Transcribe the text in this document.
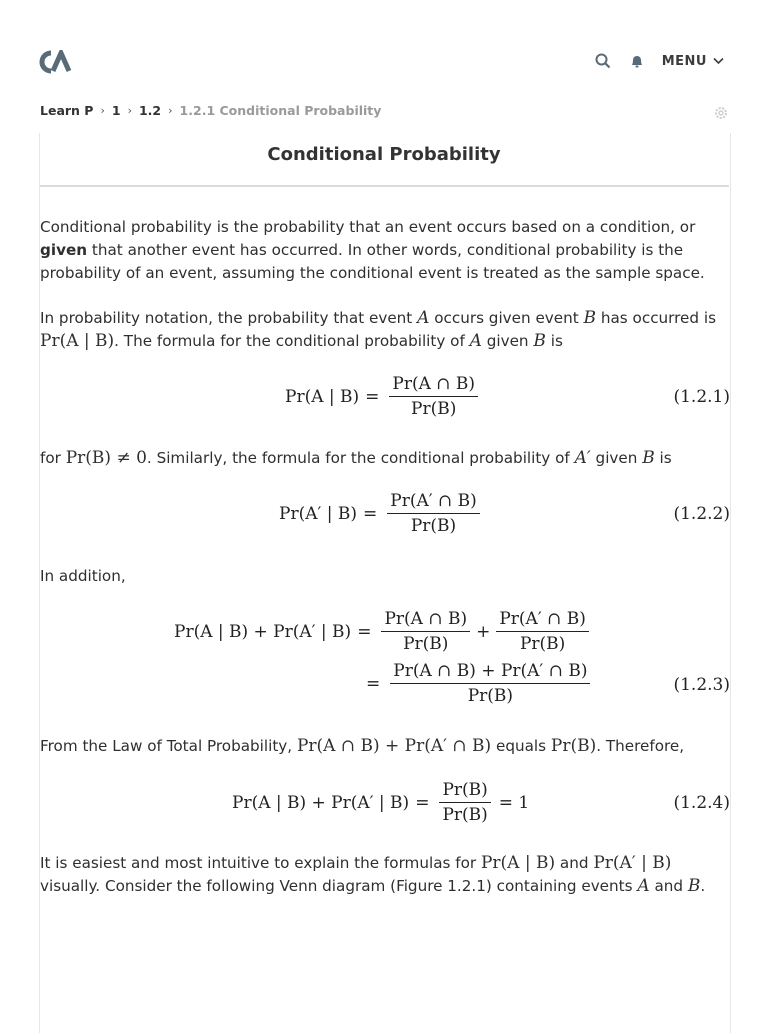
MENU
Learn P › 1 › 1.2 › 1.2.1 Conditional Probability
Conditional Probability

Conditional probability is the probability that an event occurs based on a condition, or given that another event has occurred. In other words, conditional probability is the probability of an event, assuming the conditional event is treated as the sample space.

In probability notation, the probability that event A occurs given event B has occurred is Pr(A | B). The formula for the conditional probability of A given B is

for Pr(B) ≠ 0. Similarly, the formula for the conditional probability of A′ given B is

In addition,

From the Law of Total Probability, Pr(A ∩ B) + Pr(A′ ∩ B) equals Pr(B). Therefore,

It is easiest and most intuitive to explain the formulas for Pr(A | B) and Pr(A′ | B) visually. Consider the following Venn diagram (Figure 1.2.1) containing events A and B.

Pr(A | $B) = \frac{Pr(A \cap B)}{Pr(B)}$	(1.2.1)
Pr(A′ | $B) = \frac{Pr(A' \cap B)}{Pr(B)}$	(1.2.2)
Pr(A | B) + Pr(A′ | $B) = \frac{Pr(A \cap B)}{Pr(B)} + \frac{Pr(A' \cap B)}{Pr(B)}$
= $\frac{Pr(A \cap B) + Pr(A' \cap B)}{Pr(B)}$	(1.2.3)
Pr(A | B) + Pr(A′ | $B) = \frac{Pr(B)}{Pr(B)} = 1$	(1.2.4)
